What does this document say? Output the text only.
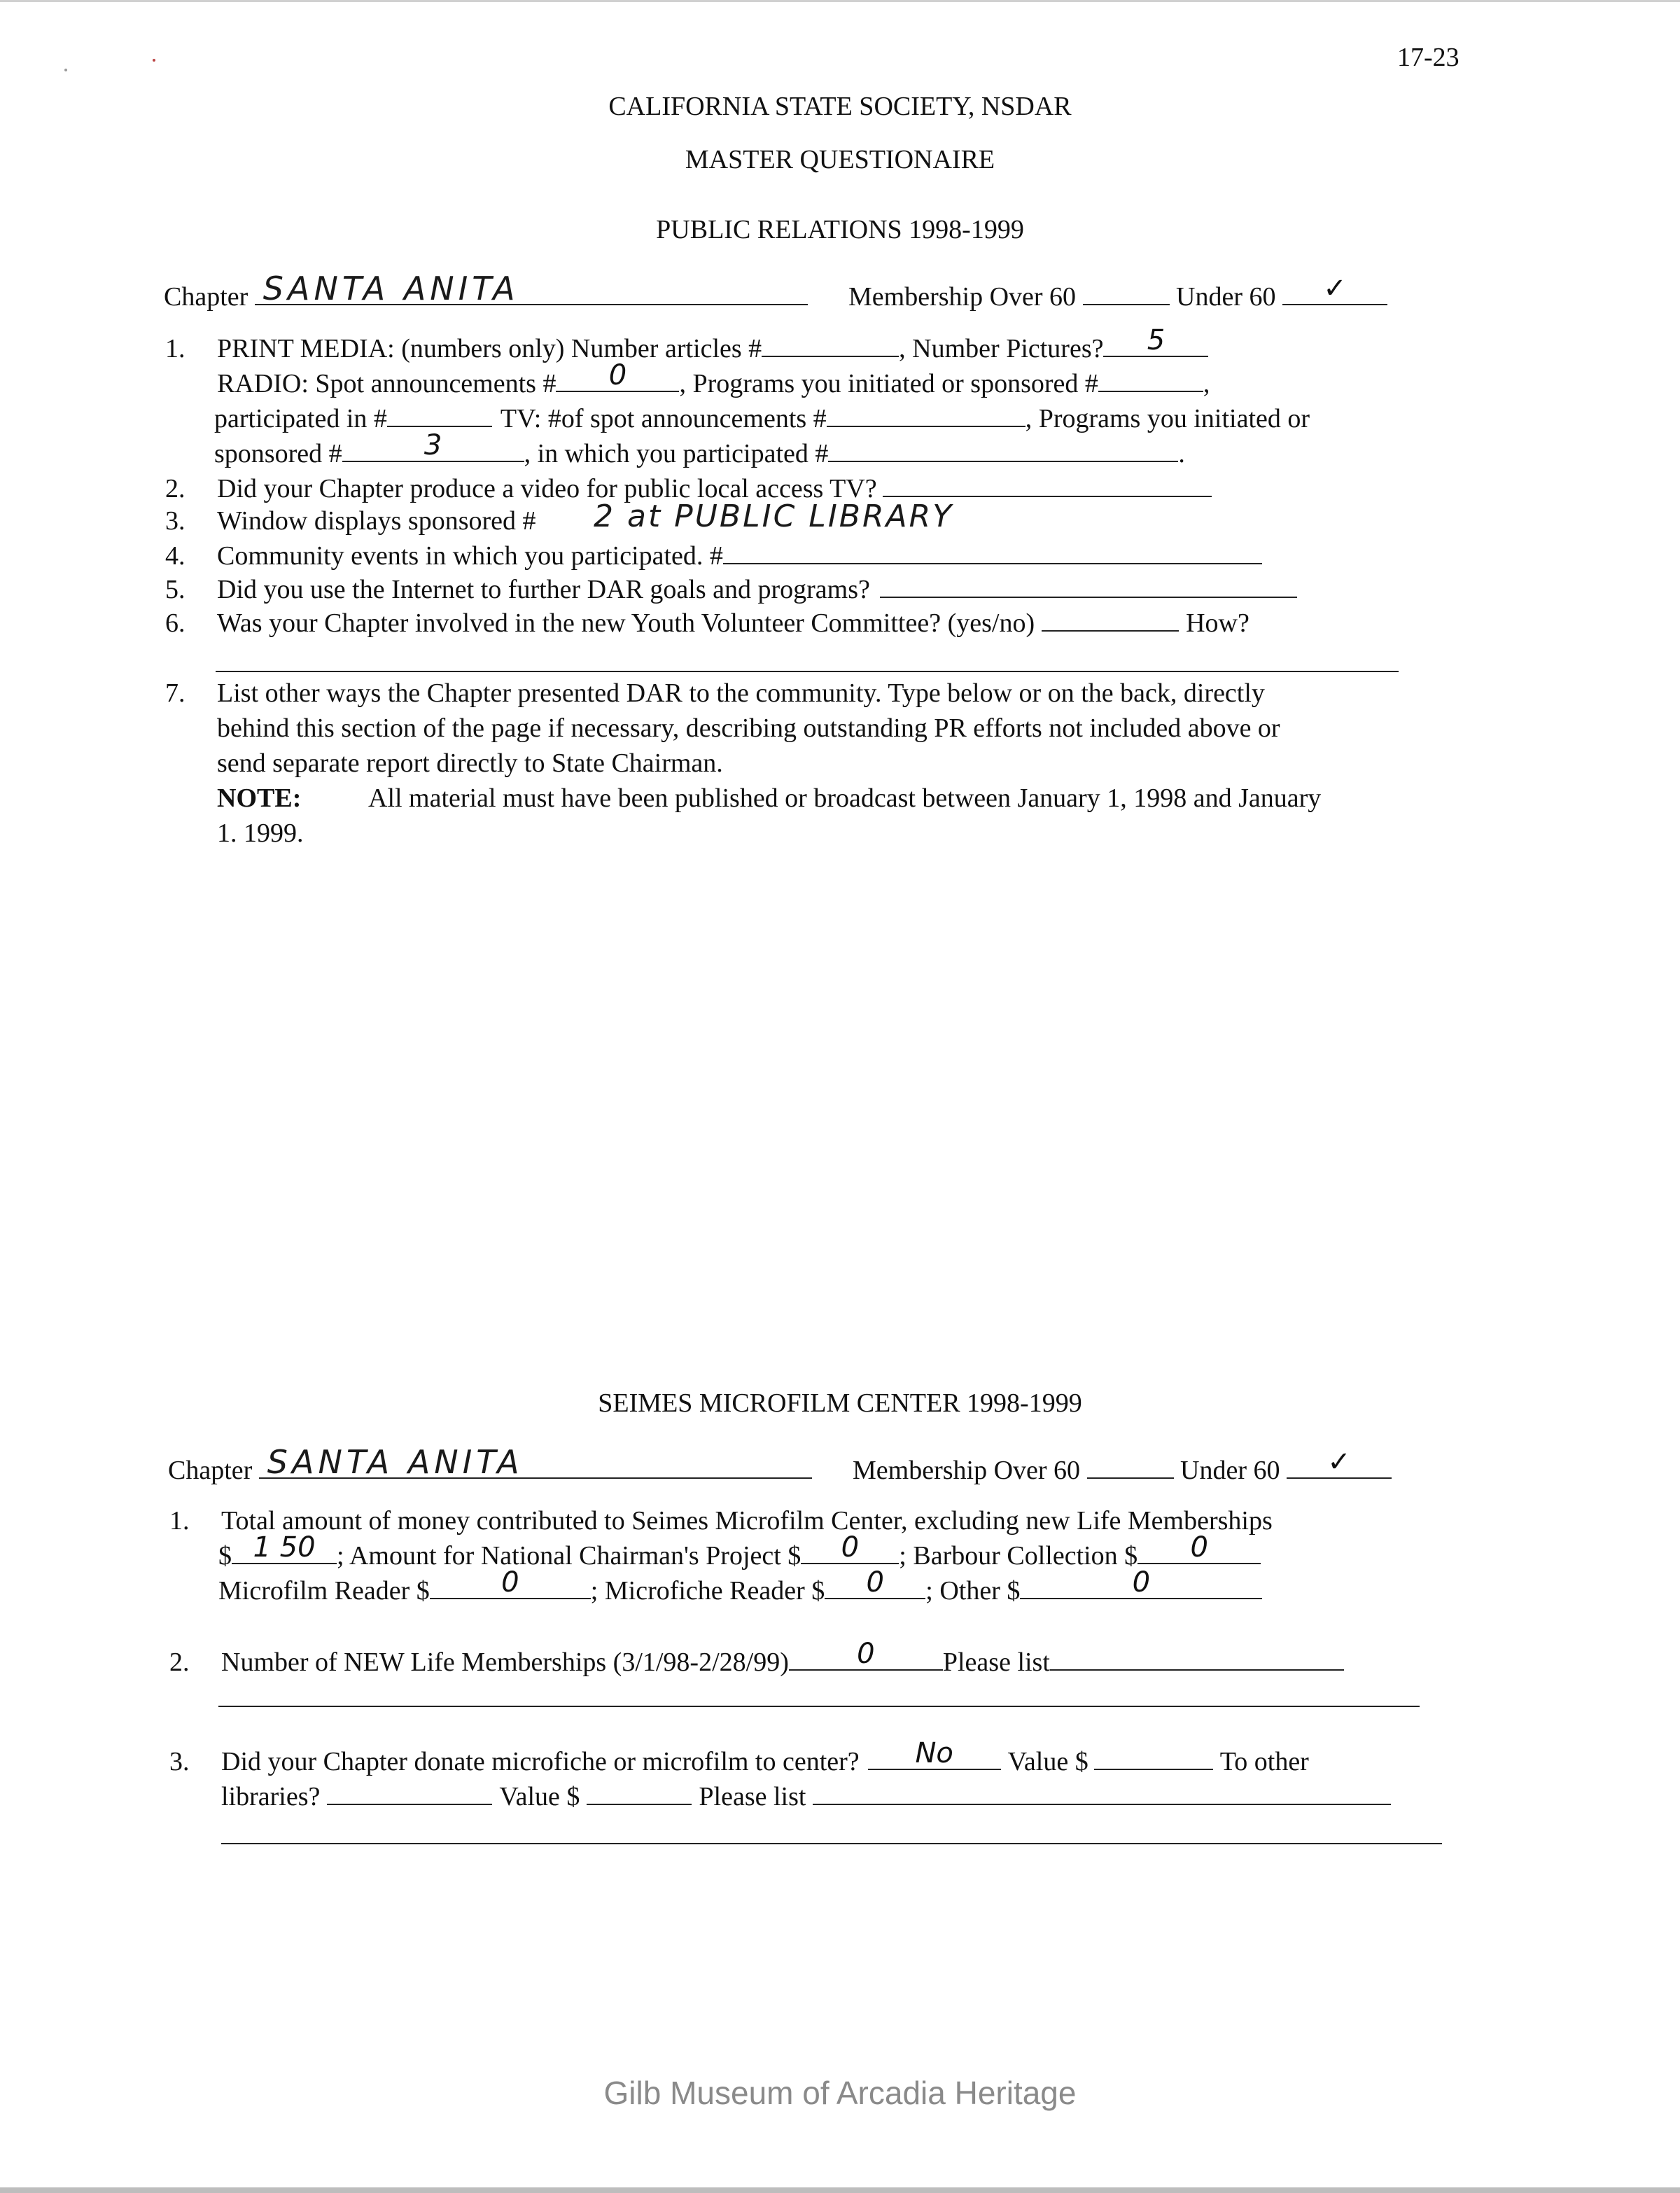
17-23
CALIFORNIA STATE SOCIETY, NSDAR
MASTER QUESTIONAIRE
PUBLIC RELATIONS 1998-1999
Chapter SANTA ANITA	Membership Over 60	Under 60	✓
1. PRINT MEDIA: (numbers only) Number articles #	, Number Pictures?	5
RADIO: Spot announcements #	0	, Programs you initiated or sponsored #	,
participated in #	TV: #of spot announcements #	, Programs you initiated or
sponsored #	3	, in which you participated #	.
2. Did your Chapter produce a video for public local access TV?
3. Window displays sponsored # 2 at PUBLIC LIBRARY
4. Community events in which you participated. #
5. Did you use the Internet to further DAR goals and programs?
6. Was your Chapter involved in the new Youth Volunteer Committee? (yes/no)	How?
7. List other ways the Chapter presented DAR to the community. Type below or on the back, directly
behind this section of the page if necessary, describing outstanding PR efforts not included above or
send separate report directly to State Chairman.
NOTE:	All material must have been published or broadcast between January 1, 1998 and January
1. 1999.
SEIMES MICROFILM CENTER 1998-1999
Chapter SANTA ANITA	Membership Over 60	Under 60	✓
1. Total amount of money contributed to Seimes Microfilm Center, excluding new Life Memberships
$ 1 50 ; Amount for National Chairman's Project $	0	; Barbour Collection $	0
Microfilm Reader $	0	; Microfiche Reader $	0	; Other $	0
2. Number of NEW Life Memberships (3/1/98-2/28/99)	0	Please list
3. Did your Chapter donate microfiche or microfilm to center?	No	Value $	To other
libraries?	Value $	Please list
Gilb Museum of Arcadia Heritage
